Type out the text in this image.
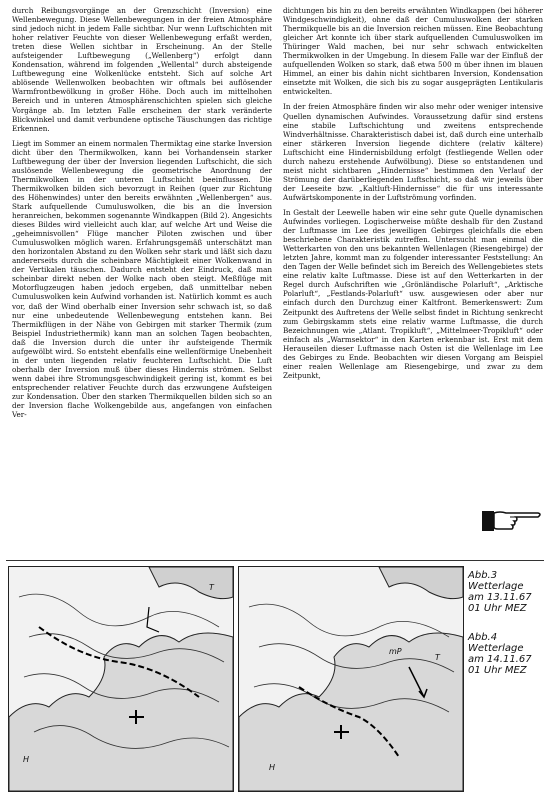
durch Reibungsvorgänge an der Grenzschicht (Inversion) eine Wellenbewegung. Diese Wellenbewegungen in der freien Atmosphäre sind jedoch nicht in jedem Falle sichtbar. Nur wenn Luftschichten mit hoher relativer Feuchte von dieser Wellenbewegung erfaßt werden, treten diese Wellen sichtbar in Erscheinung. An der Stelle aufsteigender Luftbewegung („Wellenberg“) erfolgt dann Kondensation, während im folgenden „Wellental“ durch absteigende Luftbewegung eine Wolkenlücke entsteht. Sich auf solche Art ablösende Wellenwolken beobachten wir oftmals bei auflösender Warmfrontbewölkung in großer Höhe. Doch auch im mittelhohen Bereich und in unteren Atmosphärenschichten spielen sich gleiche Vorgänge ab. Im letzten Falle erscheinen der stark veränderte Blickwinkel und damit verbundene optische Täuschungen das richtige Erkennen.

Liegt im Sommer an einem normalen Thermiktag eine starke Inversion dicht über den Thermikwolken, kann bei Vorhandensein starker Luftbewegung der über der Inversion liegenden Luftschicht, die sich auslösende Wellenbewegung die geometrische Anordnung der Thermikwolken in der unteren Luftschicht beeinflussen. Die Thermikwolken bilden sich bevorzugt in Reihen (quer zur Richtung des Höhenwindes) unter den bereits erwähnten „Wellenbergen“ aus. Stark aufquellende Cumuluswolken, die bis an die Inversion heranreichen, bekommen sogenannte Windkappen (Bild 2). Angesichts dieses Bildes wird vielleicht auch klar, auf welche Art und Weise die „geheimnisvollen“ Flüge mancher Piloten zwischen und über Cumuluswolken möglich waren. Erfahrungsgemäß unterschätzt man den horizontalen Abstand zu den Wolken sehr stark und läßt sich dazu andererseits durch die scheinbare Mächtigkeit einer Wolkenwand in der Vertikalen täuschen. Dadurch entsteht der Eindruck, daß man scheinbar direkt neben der Wolke nach oben steigt. Meßflüge mit Motorflugzeugen haben jedoch ergeben, daß unmittelbar neben Cumuluswolken kein Aufwind vorhanden ist. Natürlich kommt es auch vor, daß der Wind oberhalb einer Inversion sehr schwach ist, so daß nur eine unbedeutende Wellenbewegung entstehen kann. Bei Thermikflügen in der Nähe von Gebirgen mit starker Thermik (zum Beispiel Industriethermik) kann man an solchen Tagen beobachten, daß die Inversion durch die unter ihr aufsteigende Thermik aufgewölbt wird. So entsteht ebenfalls eine wellenförmige Unebenheit in der unten liegenden relativ feuchteren Luftschicht. Die Luft oberhalb der Inversion muß über dieses Hindernis strömen. Selbst wenn dabei ihre Stromungsgeschwindigkeit gering ist, kommt es bei entsprechender relativer Feuchte durch das erzwungene Aufsteigen zur Kondensation. Über den starken Thermikquellen bilden sich so an der Inversion flache Wolkengebilde aus, angefangen von einfachen Ver-

dichtungen bis hin zu den bereits erwähnten Windkappen (bei höherer Windgeschwindigkeit), ohne daß der Cumuluswolken der starken Thermikquelle bis an die Inversion reichen müssen. Eine Beobachtung gleicher Art konnte ich über stark aufquellenden Cumuluswolken im Thüringer Wald machen, bei nur sehr schwach entwickelten Thermikwolken in der Umgebung. In diesem Falle war der Einfluß der aufquellenden Wolken so stark, daß etwa 500 m über ihnen im blauen Himmel, an einer bis dahin nicht sichtbaren Inversion, Kondensation einsetzte mit Wolken, die sich bis zu sogar ausgeprägten Lentikularis entwickelten.

In der freien Atmosphäre finden wir also mehr oder weniger intensive Quellen dynamischen Aufwindes. Voraussetzung dafür sind erstens eine stabile Luftschichtung und zweitens entsprechende Windverhältnisse. Charakteristisch dabei ist, daß durch eine unterhalb einer stärkeren Inversion liegende dichtere (relativ kältere) Luftschicht eine Hindernisbildung erfolgt (festliegende Wellen oder durch nahezu erstehende Aufwölbung). Diese so entstandenen und meist nicht sichtbaren „Hindernisse“ bestimmen den Verlauf der Strömung der darüberliegenden Luftschicht, so daß wir jeweils über der Leeseite bzw. „Kaltluft-Hindernisse“ die für uns interessante Aufwärtskomponente in der Luftströmung vorfinden.

In Gestalt der Leewelle haben wir eine sehr gute Quelle dynamischen Aufwindes vorliegen. Logischerweise müßte deshalb für den Zustand der Luftmasse im Lee des jeweiligen Gebirges gleichfalls die eben beschriebene Charakteristik zutreffen. Untersucht man einmal die Wetterkarten von den uns bekannten Wellenlagen (Riesengebirge) der letzten Jahre, kommt man zu folgender interessanter Feststellung: An den Tagen der Welle befindet sich im Bereich des Wellengebietes stets eine relativ kalte Luftmasse. Diese ist auf den Wetterkarten in der Regel durch Aufschriften wie „Grönländische Polarluft“, „Arktische Polarluft“, „Festlands-Polarluft“ usw. ausgewiesen oder aber nur einfach durch den Durchzug einer Kaltfront. Bemerkenswert: Zum Zeitpunkt des Auftretens der Welle selbst findet in Richtung senkrecht zum Gebirgskamm stets eine relativ warme Luftmasse, die durch Bezeichnungen wie „Atlant. Tropikluft“, „Mittelmeer-Tropikluft“ oder einfach als „Warmsektor“ in den Karten erkennbar ist. Erst mit dem Herauseilen dieser Luftmasse nach Osten ist die Wellenlage im Lee des Gebirges zu Ende. Beobachten wir diesen Vorgang am Beispiel einer realen Wellenlage am Riesengebirge, und zwar zu dem Zeitpunkt,

H
T
H
T
mP
Abb.3
Wetterlage
am 13.11.67
01 Uhr MEZ
Abb.4
Wetterlage
am 14.11.67
01 Uhr MEZ
